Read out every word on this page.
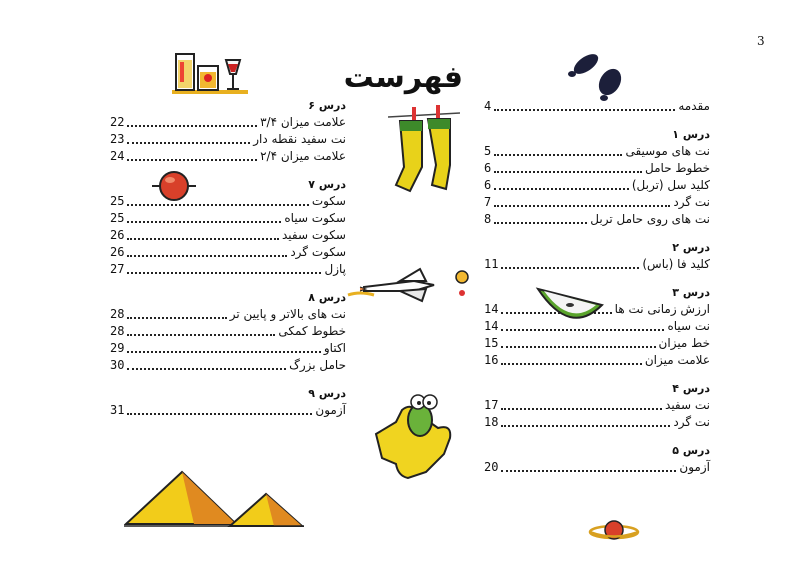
3
فهرست
مقدمه
4
درس ۱
نت های موسیقی
5
خطوط حامل
6
کلید سل (تربل)
6
نت گرد
7
نت های روی حامل تربل
8
درس ۲
کلید فا (باس)
11
درس ۳
ارزش زمانی نت ها
14
نت سیاه
14
خط میزان
15
علامت میزان
16
درس ۴
نت سفید
17
نت گرد
18
درس ۵
آزمون
20
درس ۶
علامت میزان ۳/۴
22
نت سفید نقطه دار
23
علامت میزان ۲/۴
24
درس ۷
سکوت
25
سکوت سیاه
25
سکوت سفید
26
سکوت گرد
26
پازل
27
درس ۸
نت های بالاتر و پایین تر
28
خطوط کمکی
28
اکتاو
29
حامل بزرگ
30
درس ۹
آزمون
31
